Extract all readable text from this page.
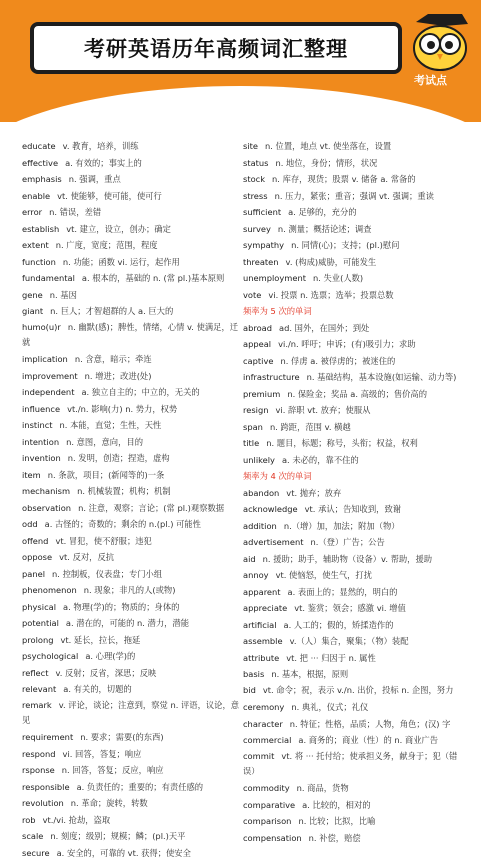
考研英语历年高频词汇整理
考试点
educate v. 教育，培养，训练
effective a. 有效的；事实上的
emphasis n. 强调，重点
enable vt. 使能够，使可能，使可行
error n. 错误，差错
establish vt. 建立，设立，创办；确定
extent n. 广度，宽度；范围，程度
function n. 功能；函数 vi. 运行，起作用
fundamental a. 根本的，基础的 n. (常 pl.)基本原则
gene n. 基因
giant n. 巨人；才智超群的人 a. 巨大的
humo(u)r n. 幽默(感)；脾性，情绪，心情 v. 使满足，迁就
implication n. 含意，暗示；牵连
improvement n. 增进；改进(处)
independent a. 独立自主的；中立的，无关的
influence vt./n. 影响(力) n. 势力，权势
instinct n. 本能，直觉；生性，天性
intention n. 意图，意向，目的
invention n. 发明，创造；捏造，虚构
item n. 条款，项目；(新闻等的)一条
mechanism n. 机械装置；机构；机制
observation n. 注意，观察；言论；(常 pl.)观察数据
odd a. 古怪的；奇数的；剩余的 n.(pl.) 可能性
offend vt. 冒犯，使不舒服；违犯
oppose vt. 反对，反抗
panel n. 控制板，仪表盘；专门小组
phenomenon n. 现象；非凡的人(或物)
physical a. 物理(学)的；物质的；身体的
potential a. 潜在的，可能的 n. 潜力，潜能
prolong vt. 延长，拉长，拖延
psychological a. 心理(学)的
reflect v. 反射；反省，深思；反映
relevant a. 有关的，切题的
remark v. 评论，谈论；注意到，察觉 n. 评语，议论，意见
requirement n. 要求；需要(的东西)
respond vi. 回答，答复；响应
rsponse n. 回答，答复；反应，响应
responsible a. 负责任的；重要的；有责任感的
revolution n. 革命；旋转，转数
rob vt./vi. 抢劫，盗取
scale n. 刻度；级别；规模；鳞；(pl.)天平
secure a. 安全的，可靠的 vt. 获得；使安全
site n. 位置，地点 vt. 使坐落在，设置
status n. 地位，身份；情形，状况
stock n. 库存，现货；股票 v. 储备 a. 常备的
stress n. 压力，紧张；重音；强调 vt. 强调；重读
sufficient a. 足够的，充分的
survey n. 测量；概括论述；调查
sympathy n. 同情(心)；支持；(pl.)慰问
threaten v. (构成)威胁，可能发生
unemployment n. 失业(人数)
vote vi. 投票 n. 选票；选举；投票总数
频率为 5 次的单词
abroad ad. 国外，在国外；到处
appeal vi./n. 呼吁；申诉；(有)吸引力；求助
captive n. 俘虏 a. 被俘虏的；被迷住的
infrastructure n. 基础结构，基本设施(如运输、动力等)
premium n. 保险金；奖品 a. 高级的；售价高的
resign vi. 辞职 vt. 放弃；使服从
span n. 跨距，范围 v. 横越
title n. 题目，标题；称号，头衔；权益，权利
unlikely a. 未必的，靠不住的
频率为 4 次的单词
abandon vt. 抛弃；放弃
acknowledge vt. 承认；告知收到，致谢
addition n.（增）加，加法；附加（物）
advertisement n.（登）广告；公告
aid n. 援助；助手，辅助物（设备）v. 帮助，援助
annoy vt. 使恼怒，使生气，打扰
apparent a. 表面上的；显然的，明白的
appreciate vt. 鉴赏；领会；感激 vi. 增值
artificial a. 人工的；假的，矫揉造作的
assemble v.（人）集合，聚集；（物）装配
attribute vt. 把 ··· 归因于 n. 属性
basis n. 基本，根据，原则
bid vt. 命令；祝，表示 v./n. 出价，投标 n. 企图，努力
ceremony n. 典礼，仪式；礼仪
character n. 特征；性格，品质；人物，角色；(汉) 字
commercial a. 商务的；商业（性）的 n. 商业广告
commit vt. 将 ··· 托付给；使承担义务，献身于；犯（错误）
commodity n. 商品，货物
comparative a. 比较的，相对的
comparison n. 比较；比拟，比喻
compensation n. 补偿，赔偿
